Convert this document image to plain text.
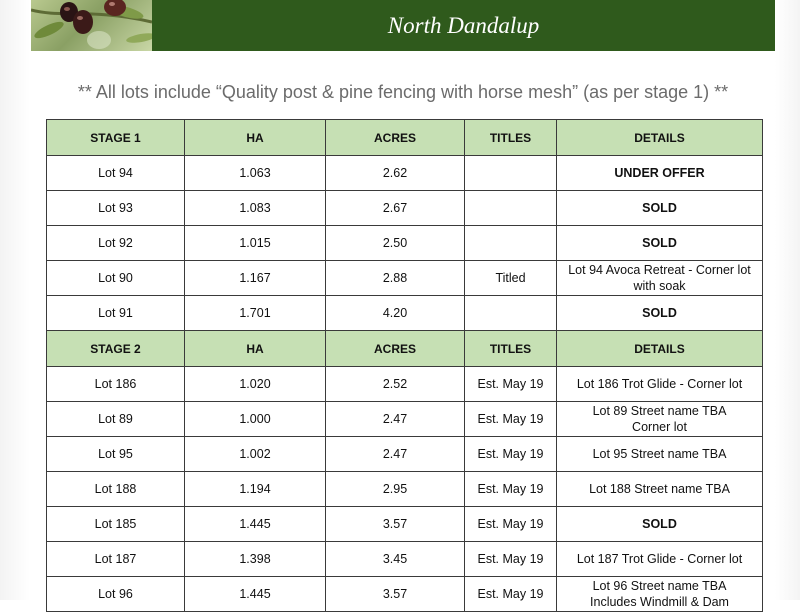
North Dandalup
** All lots include “Quality post & pine fencing with horse mesh” (as per stage 1) **
STAGE 1	HA	ACRES	TITLES	DETAILS
Lot 94	1.063	2.62		UNDER OFFER

Lot 93	1.083	2.67		SOLD

Lot 92	1.015	2.50		SOLD

Lot 90	1.167	2.88	Titled	Lot 94 Avoca Retreat - Corner lot
with soak

Lot 91	1.701	4.20		SOLD

STAGE 2	HA	ACRES	TITLES	DETAILS
Lot 186	1.020	2.52	Est. May 19	Lot 186 Trot Glide - Corner lot

Lot 89	1.000	2.47	Est. May 19	Lot 89 Street name TBA
Corner lot

Lot 95	1.002	2.47	Est. May 19	Lot 95 Street name TBA

Lot 188	1.194	2.95	Est. May 19	Lot 188 Street name TBA

Lot 185	1.445	3.57	Est. May 19	SOLD

Lot 187	1.398	3.45	Est. May 19	Lot 187 Trot Glide - Corner lot

Lot 96	1.445	3.57	Est. May 19	Lot 96 Street name TBA
Includes Windmill & Dam
